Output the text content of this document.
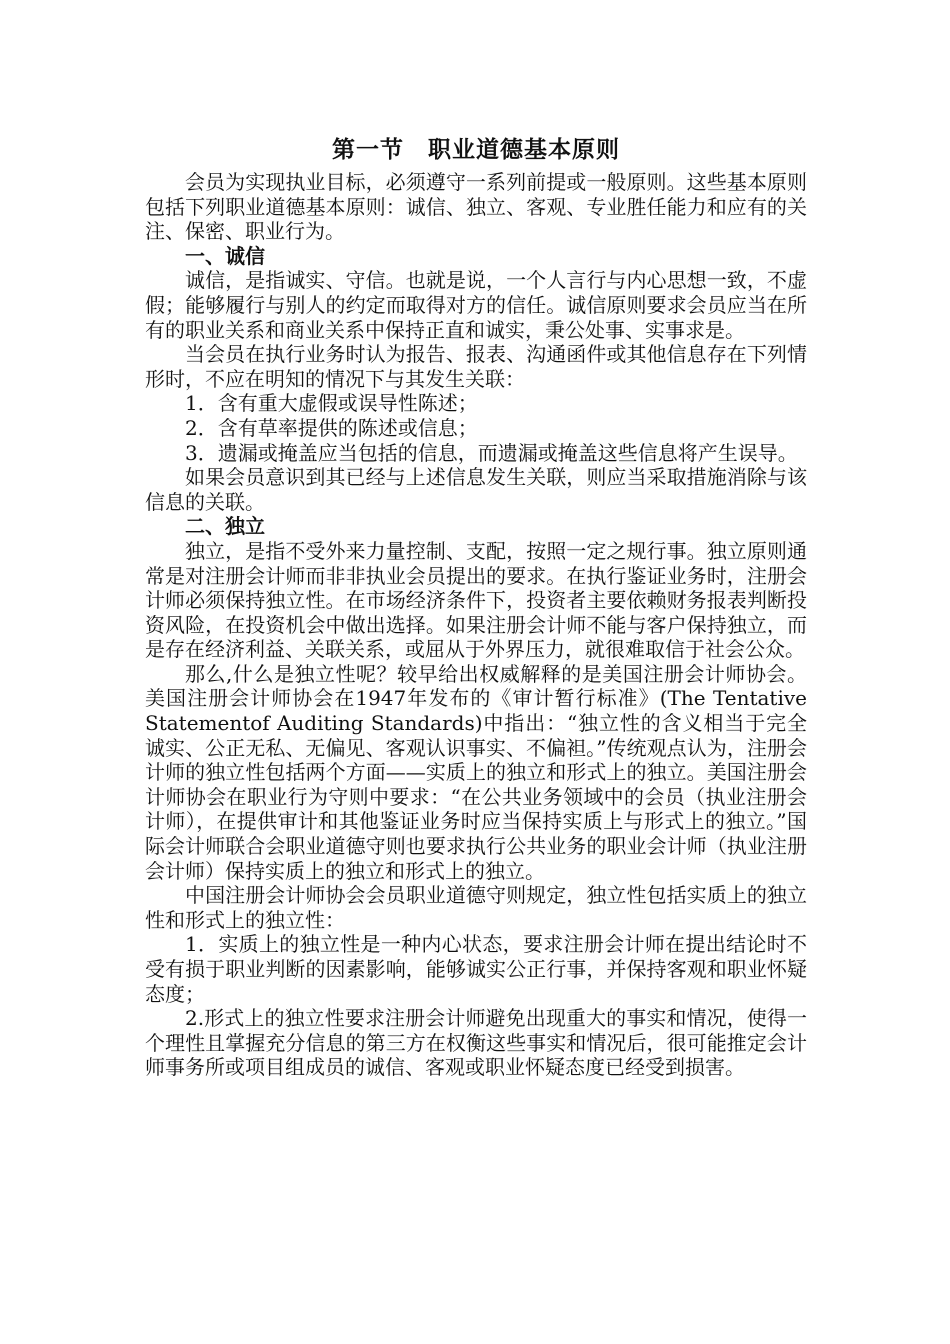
第一节　职业道德基本原则

会员为实现执业目标，必须遵守一系列前提或一般原则。这些基本原则包括下列职业道德基本原则：诚信、独立、客观、专业胜任能力和应有的关注、保密、职业行为。

一、诚信

诚信，是指诚实、守信。也就是说，一个人言行与内心思想一致，不虚假；能够履行与别人的约定而取得对方的信任。诚信原则要求会员应当在所有的职业关系和商业关系中保持正直和诚实，秉公处事、实事求是。

当会员在执行业务时认为报告、报表、沟通函件或其他信息存在下列情形时，不应在明知的情况下与其发生关联：

1．含有重大虚假或误导性陈述；

2．含有草率提供的陈述或信息；

3．遗漏或掩盖应当包括的信息，而遗漏或掩盖这些信息将产生误导。

如果会员意识到其已经与上述信息发生关联，则应当采取措施消除与该信息的关联。

二、独立

独立，是指不受外来力量控制、支配，按照一定之规行事。独立原则通常是对注册会计师而非非执业会员提出的要求。在执行鉴证业务时，注册会计师必须保持独立性。在市场经济条件下，投资者主要依赖财务报表判断投资风险，在投资机会中做出选择。如果注册会计师不能与客户保持独立，而是存在经济利益、关联关系，或屈从于外界压力，就很难取信于社会公众。

那么,什么是独立性呢？较早给出权威解释的是美国注册会计师协会。美国注册会计师协会在1947年发布的《审计暂行标准》(The Tentative Statementof Auditing Standards)中指出：“独立性的含义相当于完全诚实、公正无私、无偏见、客观认识事实、不偏袒。”传统观点认为，注册会计师的独立性包括两个方面——实质上的独立和形式上的独立。美国注册会计师协会在职业行为守则中要求：“在公共业务领域中的会员（执业注册会计师），在提供审计和其他鉴证业务时应当保持实质上与形式上的独立。”国际会计师联合会职业道德守则也要求执行公共业务的职业会计师（执业注册会计师）保持实质上的独立和形式上的独立。

中国注册会计师协会会员职业道德守则规定，独立性包括实质上的独立性和形式上的独立性：

1．实质上的独立性是一种内心状态，要求注册会计师在提出结论时不受有损于职业判断的因素影响，能够诚实公正行事，并保持客观和职业怀疑态度；

2.形式上的独立性要求注册会计师避免出现重大的事实和情况，使得一个理性且掌握充分信息的第三方在权衡这些事实和情况后，很可能推定会计师事务所或项目组成员的诚信、客观或职业怀疑态度已经受到损害。
